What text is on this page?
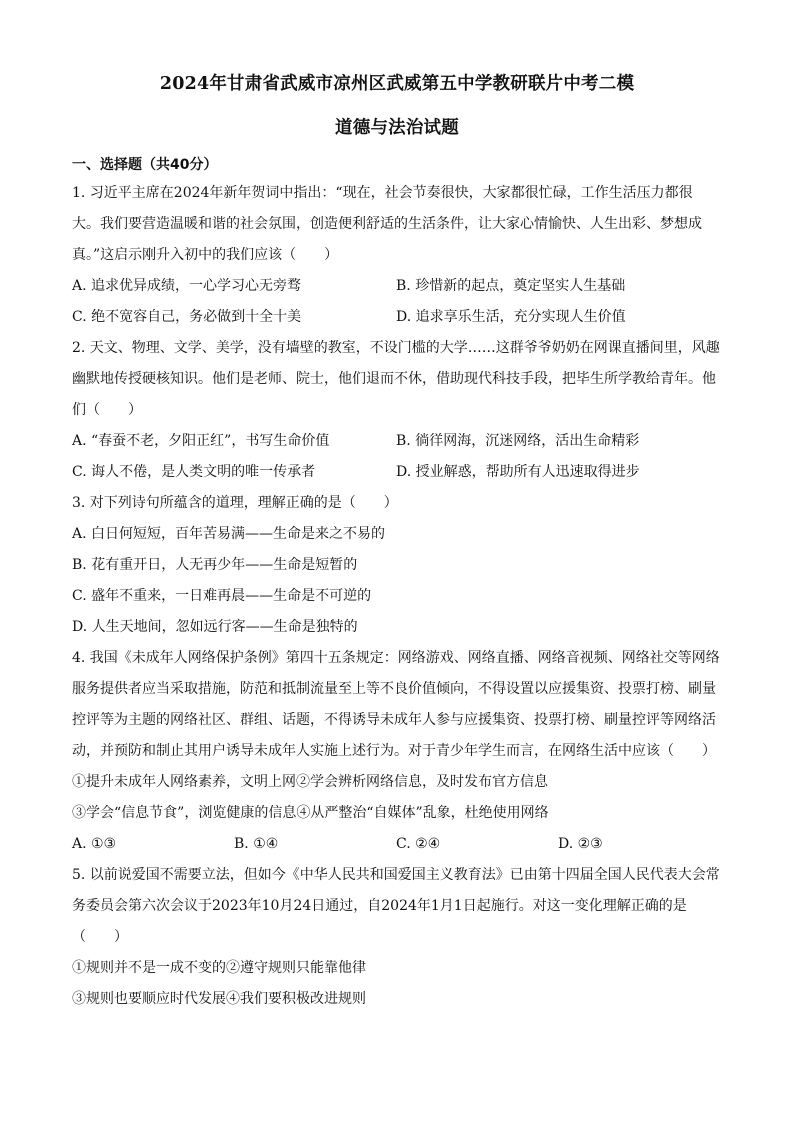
2024年甘肃省武威市凉州区武威第五中学教研联片中考二模
道德与法治试题
一、选择题（共40分）
1. 习近平主席在2024年新年贺词中指出：“现在，社会节奏很快，大家都很忙碌，工作生活压力都很
大。我们要营造温暖和谐的社会氛围，创造便利舒适的生活条件，让大家心情愉快、人生出彩、梦想成
真。”这启示刚升入初中的我们应该（　　）
A. 追求优异成绩，一心学习心无旁骛	B. 珍惜新的起点，奠定坚实人生基础
C. 绝不宽容自己，务必做到十全十美	D. 追求享乐生活，充分实现人生价值
2. 天文、物理、文学、美学，没有墙壁的教室，不设门槛的大学……这群爷爷奶奶在网课直播间里，风趣
幽默地传授硬核知识。他们是老师、院士，他们退而不休，借助现代科技手段，把毕生所学教给青年。他
们（　　）
A. “春蚕不老，夕阳正红”，书写生命价值	B. 徜徉网海，沉迷网络，活出生命精彩
C. 诲人不倦，是人类文明的唯一传承者	D. 授业解惑，帮助所有人迅速取得进步
3. 对下列诗句所蕴含的道理，理解正确的是（　　）
A. 白日何短短，百年苦易满——生命是来之不易的
B. 花有重开日，人无再少年——生命是短暂的
C. 盛年不重来，一日难再晨——生命是不可逆的
D. 人生天地间，忽如远行客——生命是独特的
4. 我国《未成年人网络保护条例》第四十五条规定：网络游戏、网络直播、网络音视频、网络社交等网络
服务提供者应当采取措施，防范和抵制流量至上等不良价值倾向，不得设置以应援集资、投票打榜、刷量
控评等为主题的网络社区、群组、话题，不得诱导未成年人参与应援集资、投票打榜、刷量控评等网络活
动，并预防和制止其用户诱导未成年人实施上述行为。对于青少年学生而言，在网络生活中应该（　　）
①提升未成年人网络素养，文明上网②学会辨析网络信息，及时发布官方信息
③学会“信息节食”，浏览健康的信息④从严整治“自媒体”乱象，杜绝使用网络
A. ①③	B. ①④	C. ②④	D. ②③
5. 以前说爱国不需要立法，但如今《中华人民共和国爱国主义教育法》已由第十四届全国人民代表大会常
务委员会第六次会议于2023年10月24日通过，自2024年1月1日起施行。对这一变化理解正确的是
（　　）
①规则并不是一成不变的②遵守规则只能靠他律
③规则也要顺应时代发展④我们要积极改进规则
